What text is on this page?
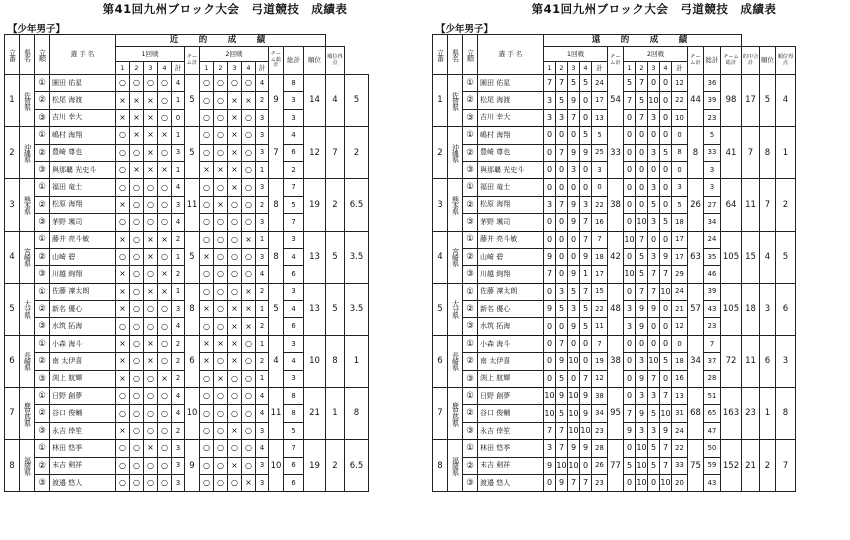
第41回九州ブロック大会　弓道競技　成績表
【少年男子】
立番	県名	立順	選 手 名	近　的　成　績															
				1回戦					チーム計	2回戦					チーム総計	総計	順位	順位得点	
				1	2	3	4	計		1	2	3	4	計					
1	佐賀県	①	園田 佑星	○	○	○	○	4	5	○	○	○	○	4	9	8	14	4	5
		②	松尾 海渡	×	×	×	○	1		○	○	×	×	2		3			
		③	吉川 幸大	×	×	×	○	0		○	○	×	○	3		3			
2	沖縄県	①	嶋村 海翔	○	×	×	×	1	5	○	○	×	○	3	7	4	12	7	2
		②	豊崎 尊也	○	○	×	○	3		○	○	×	○	3		6			
		③	與那覇 光史斗	○	×	×	×	1		×	×	×	○	1		2			
3	熊本県	①	福田 竜士	○	○	○	○	4	11	○	○	×	○	3	8	7	19	2	6.5
		②	松原 海翔	×	○	○	○	3		○	×	○	○	2		5			
		③	茅野 颯司	○	○	○	○	4		○	○	○	○	3		7			
4	宮崎県	①	藤井 亮斗敏	×	○	×	×	2	5	○	○	○	×	1	8	3	13	5	3.5
		②	山崎 碧	○	○	×	○	1		×	○	○	○	3		4			
		③	川越 絢翔	×	○	○	×	2		○	○	○	○	4		6			
5	大分県	①	佐藤 凜太朗	×	○	×	×	1	8	○	○	○	×	2	5	3	13	5	3.5
		②	新名 優心	×	○	○	○	3		×	○	×	×	1		4			
		③	水筑 拓海	○	○	○	○	4		○	○	×	×	2		6			
6	長崎県	①	小森 海斗	×	○	×	○	2	6	×	×	×	○	1	4	3	10	8	1
		②	南 太伊喜	×	○	×	○	2		×	○	×	○	2		4			
		③	渕上 航輝	×	○	○	×	2		○	×	○	○	1		3			
7	鹿児島県	①	日野 創夢	○	○	○	○	4	10	○	○	○	○	4	11	8	21	1	8
		②	谷口 俊輔	○	○	○	○	4		○	○	○	○	4		8			
		③	永吉 倖笙	×	○	○	○	2		○	○	×	○	3		5			
8	福岡県	①	林田 悠季	○	○	×	○	3	9	○	○	○	○	4	10	7	19	2	6.5
		②	末吉 剣祥	○	○	○	○	3		○	○	×	○	3		6			
		③	渡邉 悠人	○	○	○	○	3		○	○	○	×	3		6			
第41回九州ブロック大会　弓道競技　成績表
【少年男子】
立番	県名	立順	選 手 名	遠　的　成　績																
				1回戦					チーム計	2回戦					チーム計	総計	チーム総計	的中合計	順位	順位得点
				1	2	3	4	計		1	2	3	4	計						
1	佐賀県	①	園田 佑星	7	7	5	5	24	54	5	7	0	0	12	44	36	98	17	5	4
		②	松尾 海渡	3	5	9	0	17		7	5	10	0	22		39				
		③	吉川 幸大	3	3	7	0	13		0	7	3	0	10		23				
2	沖縄県	①	嶋村 海翔	0	0	0	5	5	33	0	0	0	0	0	8	5	41	7	8	1
		②	豊崎 尊也	0	7	9	9	25		0	0	3	5	8		33				
		③	與那覇 光史斗	0	0	3	0	3		0	0	0	0	0		3				
3	熊本県	①	福田 竜士	0	0	0	0	0	38	0	0	3	0	3	26	3	64	11	7	2
		②	松原 海翔	3	7	9	3	22		0	0	5	0	5		27				
		③	茅野 颯司	0	0	9	7	16		0	10	3	5	18		34				
4	宮崎県	①	藤井 亮斗敏	0	0	0	7	7	42	10	7	0	0	17	63	24	105	15	4	5
		②	山崎 碧	9	0	0	9	18		0	5	3	9	17		35				
		③	川越 絢翔	7	0	9	1	17		10	5	7	7	29		46				
5	大分県	①	佐藤 凜太朗	0	3	5	7	15	48	0	7	7	10	24	57	39	105	18	3	6
		②	新名 優心	9	5	3	5	22		3	9	9	0	21		43				
		③	水筑 拓海	0	0	9	5	11		3	9	0	0	12		23				
6	長崎県	①	小森 海斗	0	7	0	0	7	38	0	0	0	0	0	34	7	72	11	6	3
		②	南 太伊喜	0	9	10	0	19		0	3	10	5	18		37				
		③	渕上 航輝	0	5	0	7	12		0	9	7	0	16		28				
7	鹿児島県	①	日野 創夢	10	9	10	9	38	95	0	3	3	7	13	68	51	163	23	1	8
		②	谷口 俊輔	10	5	10	9	34		7	9	5	10	31		65				
		③	永吉 倖笙	7	7	10	10	23		9	3	3	9	24		47				
8	福岡県	①	林田 悠季	3	7	9	9	28	77	0	10	5	7	22	75	50	152	21	2	7
		②	末吉 剣祥	9	10	10	0	26		5	10	5	7	33		59				
		③	渡邉 悠人	0	9	7	7	23		0	10	0	10	20		43				
